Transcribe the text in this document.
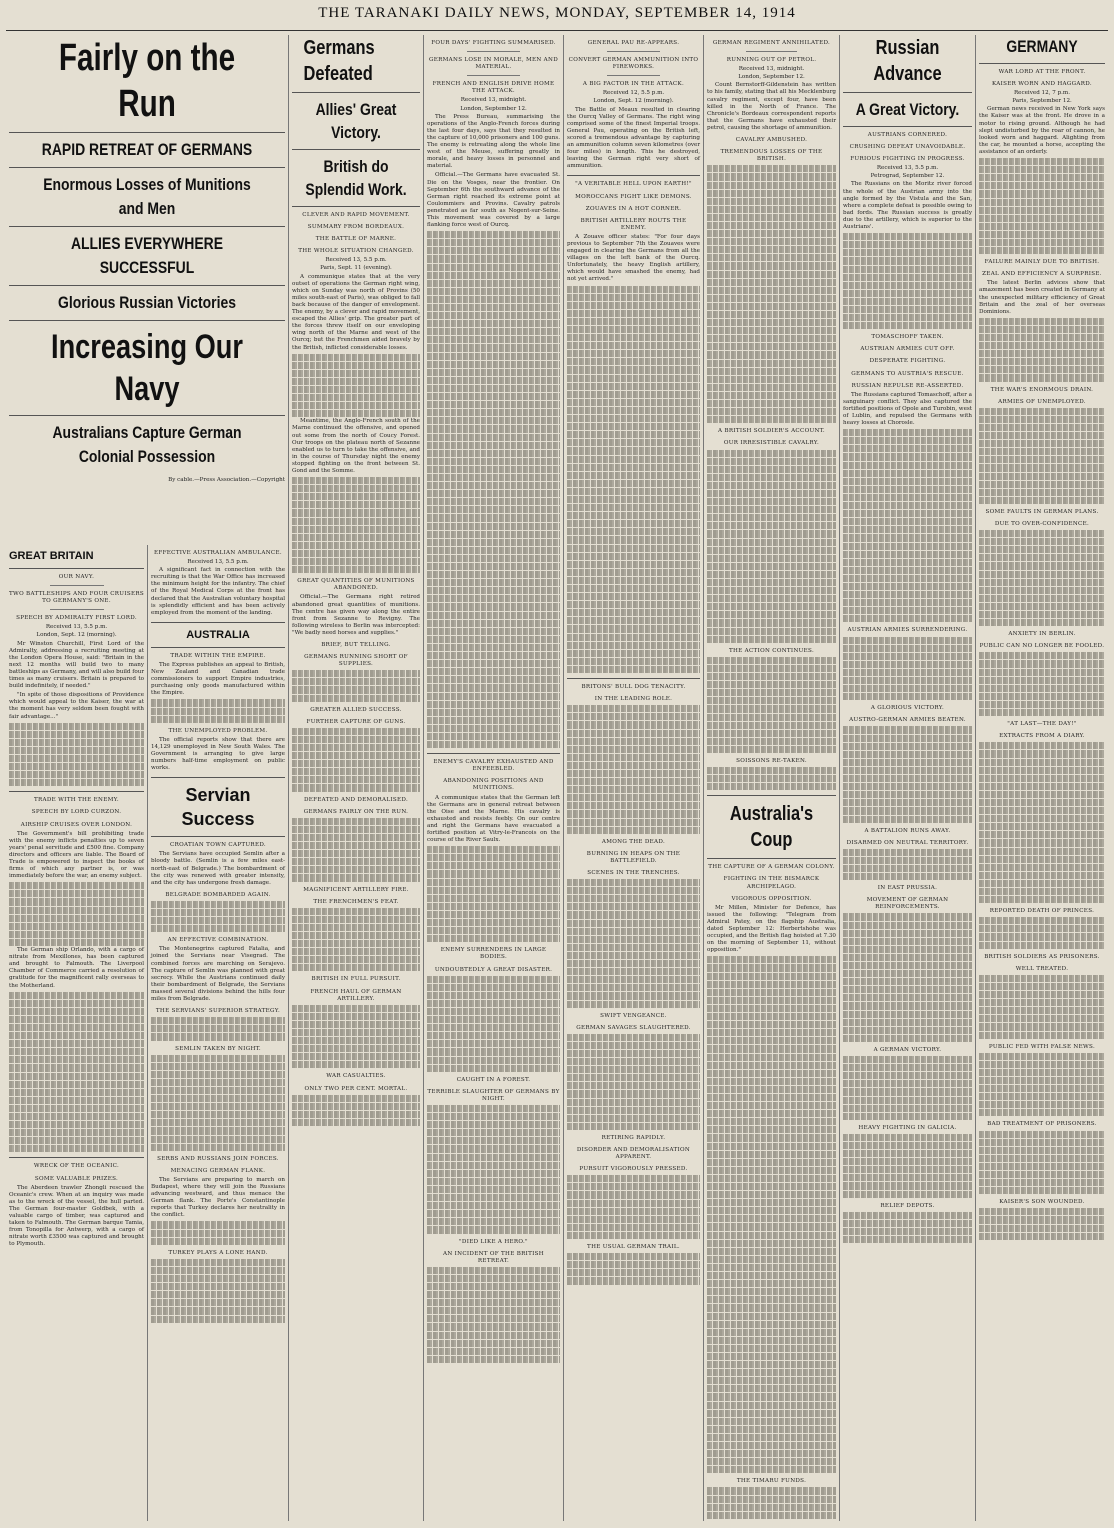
THE TARANAKI DAILY NEWS, MONDAY, SEPTEMBER 14, 1914
Fairly on the Run
RAPID RETREAT OF GERMANS
Enormous Losses of Munitions and Men
ALLIES EVERYWHERE SUCCESSFUL
Glorious Russian Victories
Increasing Our Navy
Australians Capture German Colonial Possession
By cable.—Press Association.—Copyright
GREAT BRITAIN
OUR NAVY.
TWO BATTLESHIPS AND FOUR CRUISERS TO GERMANY'S ONE.
SPEECH BY ADMIRALTY FIRST LORD.
Received 13, 5.5 p.m.
London, Sept. 12 (morning).

Mr Winston Churchill, First Lord of the Admiralty, addressing a recruiting meeting at the London Opera House, said: "Britain in the next 12 months will build two to many battleships as Germany, and will also build four times as many cruisers. Britain is prepared to build indefinitely, if needed."

"In spite of those dispositions of Providence which would appeal to the Kaiser, the war at the moment has very seldom been fought with fair advantage..."

TRADE WITH THE ENEMY.
SPEECH BY LORD CURZON.
AIRSHIP CRUISES OVER LONDON.

The Government's bill prohibiting trade with the enemy inflicts penalties up to seven years' penal servitude and £500 fine. Company directors and officers are liable. The Board of Trade is empowered to inspect the books of firms of which any partner is, or was immediately before the war, an enemy subject.

The German ship Orlando, with a cargo of nitrate from Mexillones, has been captured and brought to Falmouth. The Liverpool Chamber of Commerce carried a resolution of gratitude for the magnificent rally overseas to the Motherland.

WRECK OF THE OCEANIC.
SOME VALUABLE PRIZES.

The Aberdeen trawler Zhongli rescued the Oceanic's crew. When at an inquiry was made as to the wreck of the vessel, the hull parted. The German four-master Goldbek, with a valuable cargo of timber, was captured and taken to Falmouth. The German barque Tamia, from Tonopilla for Antwerp, with a cargo of nitrate worth £3500 was captured and brought to Plymouth.

EFFECTIVE AUSTRALIAN AMBULANCE.
Received 13, 5.5 p.m.

A significant fact in connection with the recruiting is that the War Office has increased the minimum height for the infantry. The chief of the Royal Medical Corps at the front has declared that the Australian voluntary hospital is splendidly efficient and has been actively employed from the moment of the landing.

AUSTRALIA
TRADE WITHIN THE EMPIRE.

The Express publishes an appeal to British, New Zealand and Canadian trade commissioners to support Empire industries, purchasing only goods manufactured within the Empire.

THE UNEMPLOYED PROBLEM.

The official reports show that there are 14,129 unemployed in New South Wales. The Government is arranging to give large numbers half-time employment on public works.

Servian Success
CROATIAN TOWN CAPTURED.

The Servians have occupied Semlin after a bloody battle. (Semlin is a few miles east-north-east of Belgrade.) The bombardment of the city was renewed with greater intensity, and the city has undergone fresh damage.

BELGRADE BOMBARDED AGAIN.
AN EFFECTIVE COMBINATION.

The Montenegrins captured Fatalia, and joined the Servians near Visegrad. The combined forces are marching on Serajevo. The capture of Semlin was planned with great secrecy. While the Austrians continued daily their bombardment of Belgrade, the Servians massed several divisions behind the hills four miles from Belgrade.

THE SERVIANS' SUPERIOR STRATEGY.
SEMLIN TAKEN BY NIGHT.
SERBS AND RUSSIANS JOIN FORCES.
MENACING GERMAN FLANK.

The Servians are preparing to march on Budapest, where they will join the Russians advancing westward, and thus menace the German flank. The Porte's Constantinople reports that Turkey declares her neutrality in the conflict.

TURKEY PLAYS A LONE HAND.
Germans Defeated
Allies' Great Victory.
British do Splendid Work.
CLEVER AND RAPID MOVEMENT.
SUMMARY FROM BORDEAUX.
THE BATTLE OF MARNE.
THE WHOLE SITUATION CHANGED.
Received 13, 5.5 p.m.
Paris, Sept. 11 (evening).

A communique states that at the very outset of operations the German right wing, which on Sunday was north of Provins (50 miles south-east of Paris), was obliged to fall back because of the danger of envelopment. The enemy, by a clever and rapid movement, escaped the Allies' grip. The greater part of the forces threw itself on our enveloping wing north of the Marne and west of the Ourcq; but the Frenchmen aided bravely by the British, inflicted considerable losses.

Meantime, the Anglo-French south of the Marne continued the offensive, and opened out some from the north of Coucy Forest. Our troops on the plateau north of Sezanne enabled us to turn to take the offensive, and in the course of Thursday night the enemy stopped fighting on the front between St. Gond and the Somme.

GREAT QUANTITIES OF MUNITIONS ABANDONED.

Official.—The Germans right retired abandoned great quantities of munitions. The centre has given way along the entire front from Sezanne to Revigny. The following wireless to Berlin was intercepted: "We badly need horses and supplies."

BRIEF, BUT TELLING.
GERMANS RUNNING SHORT OF SUPPLIES.
GREATER ALLIED SUCCESS.
FURTHER CAPTURE OF GUNS.
DEFEATED AND DEMORALISED.
GERMANS FAIRLY ON THE RUN.
MAGNIFICENT ARTILLERY FIRE.
THE FRENCHMEN'S FEAT.
BRITISH IN FULL PURSUIT.
FRENCH HAUL OF GERMAN ARTILLERY.
WAR CASUALTIES.
ONLY TWO PER CENT. MORTAL.
FOUR DAYS' FIGHTING SUMMARISED.
GERMANS LOSE IN MORALE, MEN AND MATERIAL.
FRENCH AND ENGLISH DRIVE HOME THE ATTACK.
Received 13, midnight.
London, September 12.

The Press Bureau, summarising the operations of the Anglo-French forces during the last four days, says that they resulted in the capture of 10,000 prisoners and 100 guns. The enemy is retreating along the whole line west of the Meuse, suffering greatly in morale, and heavy losses in personnel and material.

Official.—The Germans have evacuated St. Die on the Vosges, near the frontier. On September 6th the southward advance of the German right reached its extreme point at Coulommiers and Provins. Cavalry patrols penetrated as far south as Nogent-sur-Seine. This movement was covered by a large flanking force west of Ourcq.

ENEMY'S CAVALRY EXHAUSTED AND ENFEEBLED.
ABANDONING POSITIONS AND MUNITIONS.

A communique states that the German left the Germans are in general retreat between the Oise and the Marne. His cavalry is exhausted and resists feebly. On our centre and right the Germans have evacuated a fortified position at Vitry-le-Francois on the course of the River Saulx.

ENEMY SURRENDERS IN LARGE BODIES.
UNDOUBTEDLY A GREAT DISASTER.
CAUGHT IN A FOREST.
TERRIBLE SLAUGHTER OF GERMANS BY NIGHT.
"DIED LIKE A HERO."
AN INCIDENT OF THE BRITISH RETREAT.
GENERAL PAU RE-APPEARS.
CONVERT GERMAN AMMUNITION INTO FIREWORKS.
A BIG FACTOR IN THE ATTACK.
Received 12, 5.5 p.m.
London, Sept. 12 (morning).

The Battle of Meaux resulted in clearing the Ourcq Valley of Germans. The right wing comprised some of the finest Imperial troops. General Pau, operating on the British left, scored a tremendous advantage by capturing an ammunition column seven kilometres (over four miles) in length. This he destroyed, leaving the German right very short of ammunition.

"A VERITABLE HELL UPON EARTH!"
MOROCCANS FIGHT LIKE DEMONS.
ZOUAVES IN A HOT CORNER.
BRITISH ARTILLERY ROUTS THE ENEMY.

A Zouave officer states: "For four days previous to September 7th the Zouaves were engaged in clearing the Germans from all the villages on the left bank of the Ourcq. Unfortunately, the heavy English artillery, which would have smashed the enemy, had not yet arrived."

BRITONS' BULL DOG TENACITY.
IN THE LEADING ROLE.
AMONG THE DEAD.
BURNING IN HEAPS ON THE BATTLEFIELD.
SCENES IN THE TRENCHES.
SWIFT VENGEANCE.
GERMAN SAVAGES SLAUGHTERED.
RETIRING RAPIDLY.
DISORDER AND DEMORALISATION APPARENT.
PURSUIT VIGOROUSLY PRESSED.
THE USUAL GERMAN TRAIL.
GERMAN REGIMENT ANNIHILATED.
RUNNING OUT OF PETROL.
Received 13, midnight.
London, September 12.

Count Bernstorff-Gildenstein has written to his family, stating that all his Mecklenburg cavalry regiment, except four, have been killed in the North of France. The Chronicle's Bordeaux correspondent reports that the Germans have exhausted their petrol, causing the shortage of ammunition.

CAVALRY AMBUSHED.
TREMENDOUS LOSSES OF THE BRITISH.
A BRITISH SOLDIER'S ACCOUNT.
OUR IRRESISTIBLE CAVALRY.
THE ACTION CONTINUES.
SOISSONS RE-TAKEN.
Australia's Coup
THE CAPTURE OF A GERMAN COLONY.
FIGHTING IN THE BISMARCK ARCHIPELAGO.
VIGOROUS OPPOSITION.

Mr Millen, Minister for Defence, has issued the following: "Telegram from Admiral Patey, on the flagship Australia, dated September 12: Herbertshohe was occupied, and the British flag hoisted at 7.30 on the morning of September 11, without opposition."

THE TIMARU FUNDS.
Russian Advance
A Great Victory.
AUSTRIANS CORNERED.
CRUSHING DEFEAT UNAVOIDABLE.
FURIOUS FIGHTING IN PROGRESS.
Received 13, 5.5 p.m.
Petrograd, September 12.

The Russians on the Moritz river forced the whole of the Austrian army into the angle formed by the Vistula and the San, where a complete defeat is possible owing to bad fords. The Russian success is greatly due to the artillery, which is superior to the Austrians'.

TOMASCHOFF TAKEN.
AUSTRIAN ARMIES CUT OFF.
DESPERATE FIGHTING.
GERMANS TO AUSTRIA'S RESCUE.
RUSSIAN REPULSE RE-ASSERTED.

The Russians captured Tomaschoff, after a sanguinary conflict. They also captured the fortified positions of Opole and Turobin, west of Lublin, and repulsed the Germans with heavy losses at Chorosle.

AUSTRIAN ARMIES SURRENDERING.
A GLORIOUS VICTORY.
AUSTRO-GERMAN ARMIES BEATEN.
A BATTALION RUNS AWAY.
DISARMED ON NEUTRAL TERRITORY.
IN EAST PRUSSIA.
MOVEMENT OF GERMAN REINFORCEMENTS.
A GERMAN VICTORY.
HEAVY FIGHTING IN GALICIA.
RELIEF DEPOTS.
GERMANY
WAR LORD AT THE FRONT.
KAISER WORN AND HAGGARD.
Received 12, 7 p.m.
Paris, September 12.

German news received in New York says the Kaiser was at the front. He drove in a motor to rising ground. Although he had slept undisturbed by the roar of cannon, he looked worn and haggard. Alighting from the car, he mounted a horse, accepting the assistance of an orderly.

FAILURE MAINLY DUE TO BRITISH.
ZEAL AND EFFICIENCY A SURPRISE.

The latest Berlin advices show that amazement has been created in Germany at the unexpected military efficiency of Great Britain and the zeal of her overseas Dominions.

THE WAR'S ENORMOUS DRAIN.
ARMIES OF UNEMPLOYED.
SOME FAULTS IN GERMAN PLANS.
DUE TO OVER-CONFIDENCE.
ANXIETY IN BERLIN.
PUBLIC CAN NO LONGER BE FOOLED.
"AT LAST—THE DAY!"
EXTRACTS FROM A DIARY.
REPORTED DEATH OF PRINCES.
BRITISH SOLDIERS AS PRISONERS.
WELL TREATED.
PUBLIC FED WITH FALSE NEWS.
BAD TREATMENT OF PRISONERS.
KAISER'S SON WOUNDED.
